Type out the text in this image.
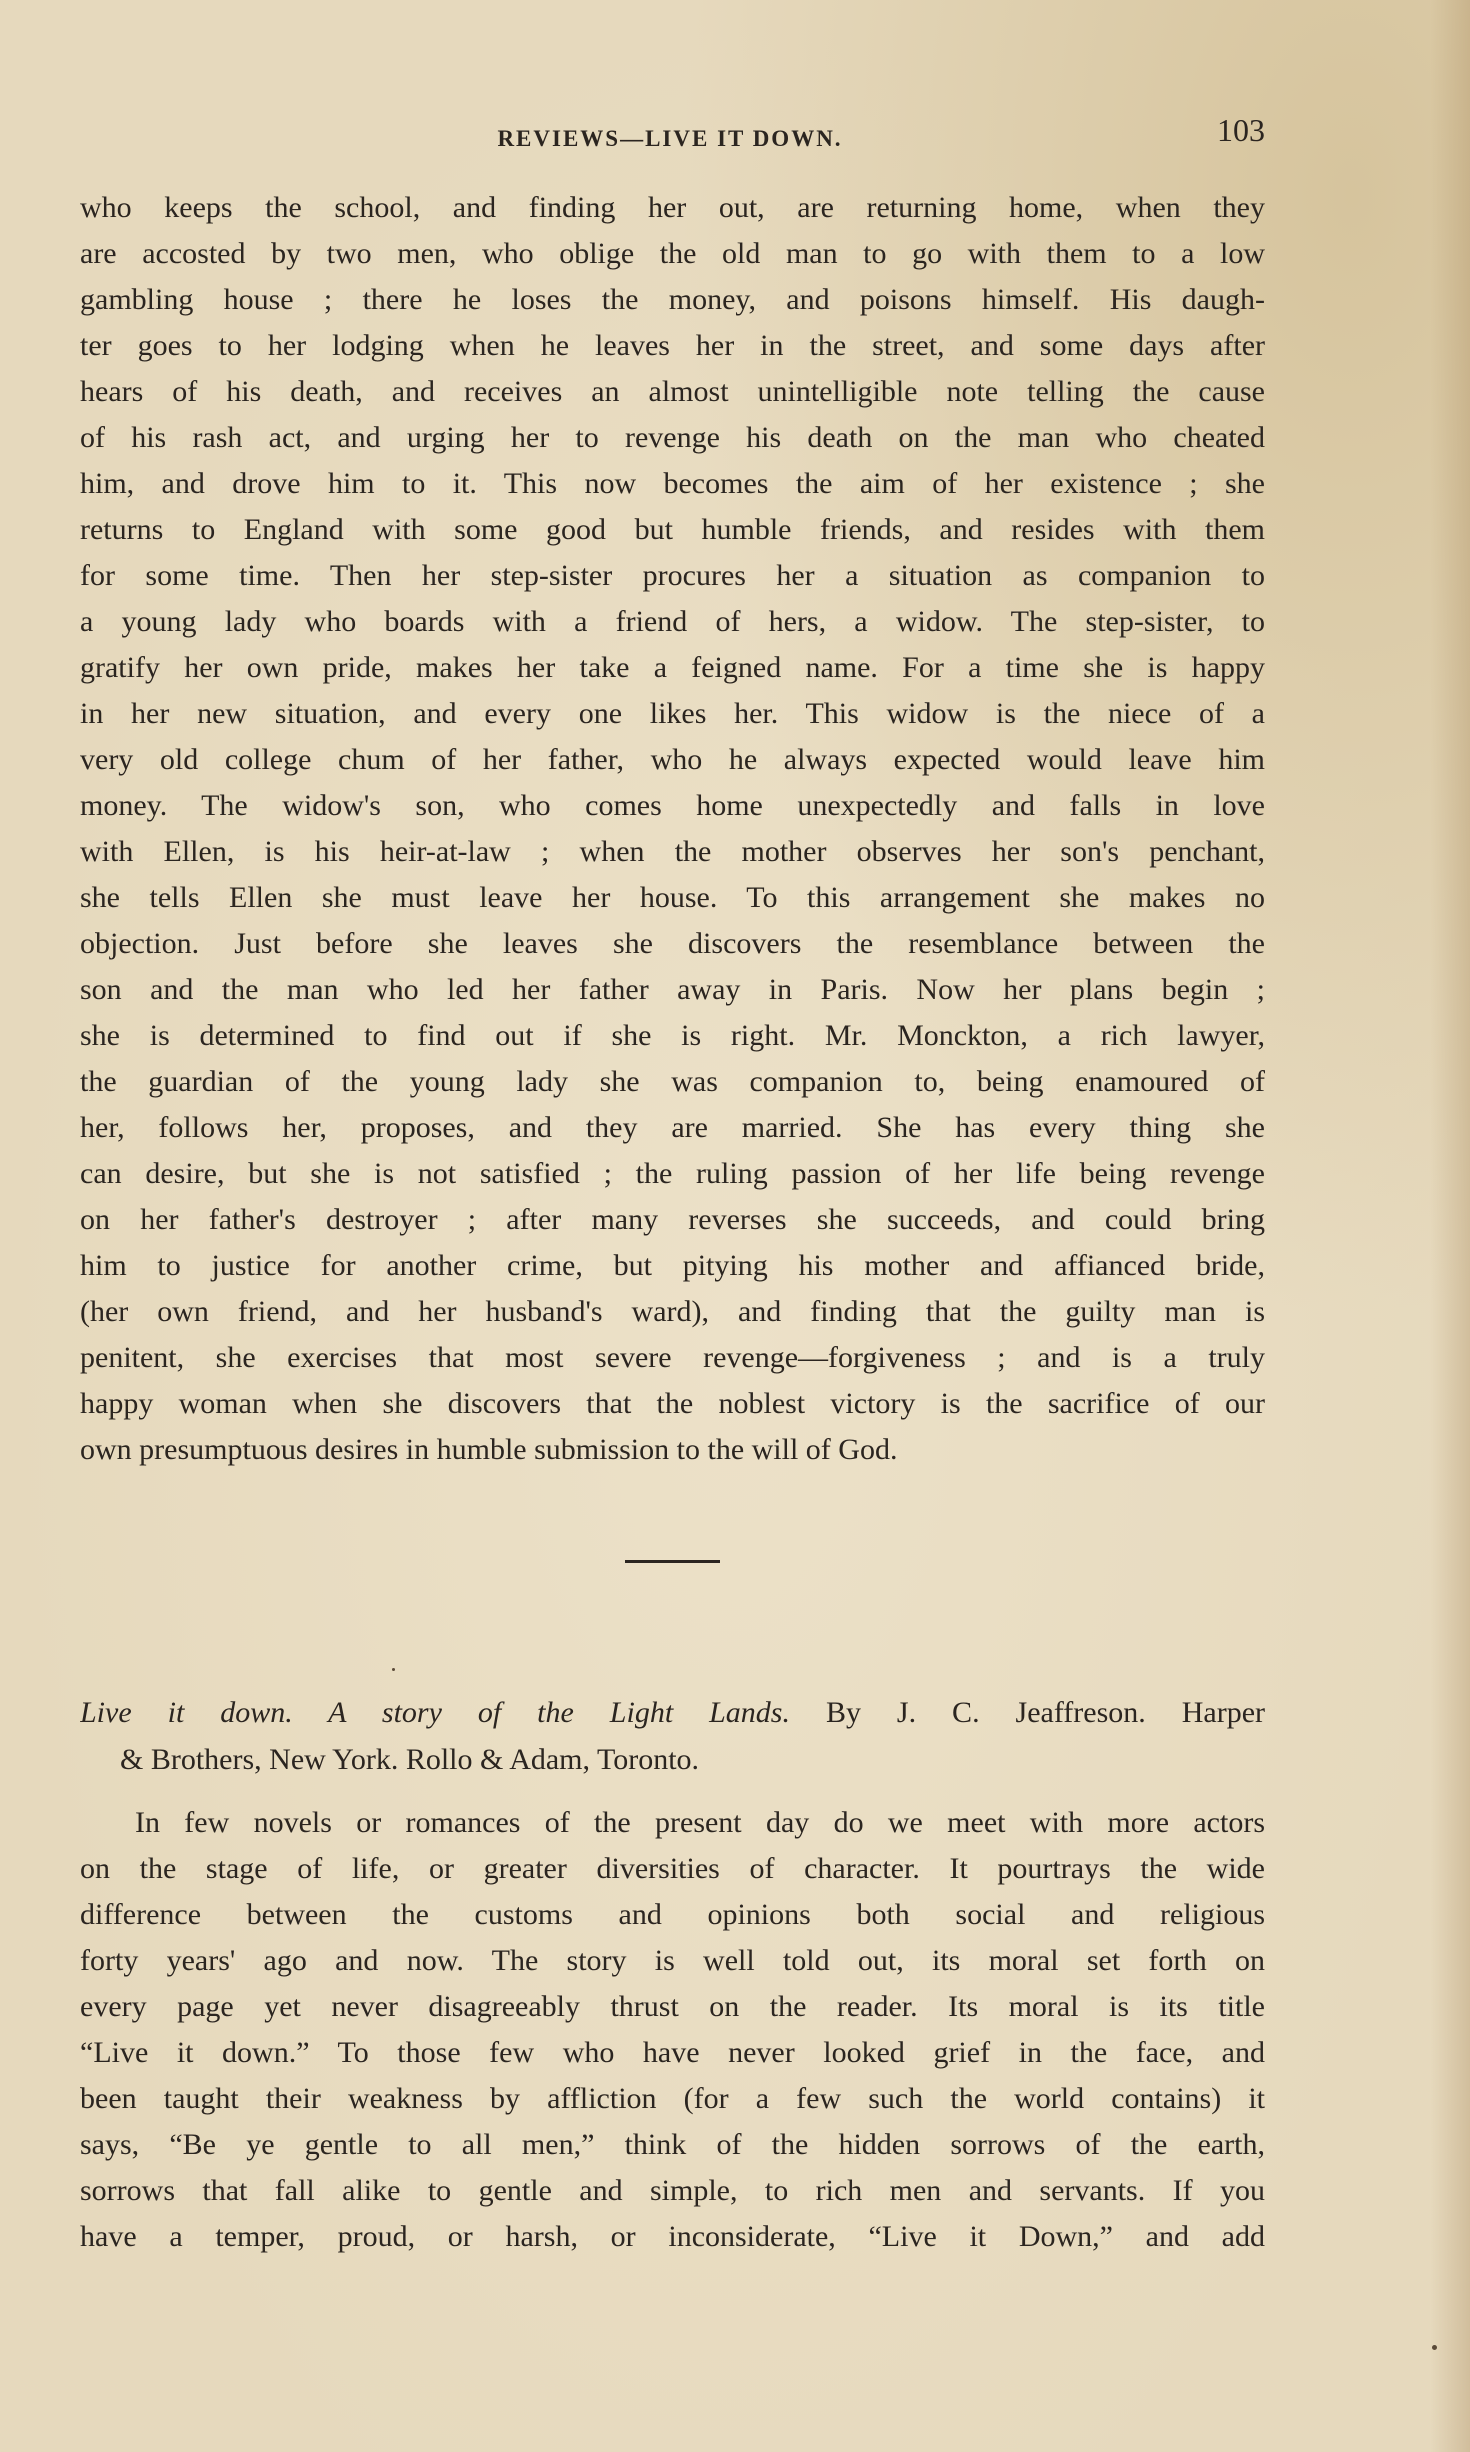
REVIEWS—LIVE IT DOWN.	103
who keeps the school, and finding her out, are returning home, when they
are accosted by two men, who oblige the old man to go with them to a low
gambling house ; there he loses the money, and poisons himself. His daugh-
ter goes to her lodging when he leaves her in the street, and some days after
hears of his death, and receives an almost unintelligible note telling the cause
of his rash act, and urging her to revenge his death on the man who cheated
him, and drove him to it. This now becomes the aim of her existence ; she
returns to England with some good but humble friends, and resides with them
for some time. Then her step-sister procures her a situation as companion to
a young lady who boards with a friend of hers, a widow. The step-sister, to
gratify her own pride, makes her take a feigned name. For a time she is happy
in her new situation, and every one likes her. This widow is the niece of a
very old college chum of her father, who he always expected would leave him
money. The widow's son, who comes home unexpectedly and falls in love
with Ellen, is his heir-at-law ; when the mother observes her son's penchant,
she tells Ellen she must leave her house. To this arrangement she makes no
objection. Just before she leaves she discovers the resemblance between the
son and the man who led her father away in Paris. Now her plans begin ;
she is determined to find out if she is right. Mr. Monckton, a rich lawyer,
the guardian of the young lady she was companion to, being enamoured of
her, follows her, proposes, and they are married. She has every thing she
can desire, but she is not satisfied ; the ruling passion of her life being revenge
on her father's destroyer ; after many reverses she succeeds, and could bring
him to justice for another crime, but pitying his mother and affianced bride,
(her own friend, and her husband's ward), and finding that the guilty man is
penitent, she exercises that most severe revenge—forgiveness ; and is a truly
happy woman when she discovers that the noblest victory is the sacrifice of our
own presumptuous desires in humble submission to the will of God.
Live it down. A story of the Light Lands. By J. C. Jeaffreson. Harper
& Brothers, New York. Rollo & Adam, Toronto.
In few novels or romances of the present day do we meet with more actors
on the stage of life, or greater diversities of character. It pourtrays the wide
difference between the customs and opinions both social and religious
forty years' ago and now. The story is well told out, its moral set forth on
every page yet never disagreeably thrust on the reader. Its moral is its title
“Live it down.” To those few who have never looked grief in the face, and
been taught their weakness by affliction (for a few such the world contains) it
says, “Be ye gentle to all men,” think of the hidden sorrows of the earth,
sorrows that fall alike to gentle and simple, to rich men and servants. If you
have a temper, proud, or harsh, or inconsiderate, “Live it Down,” and add
